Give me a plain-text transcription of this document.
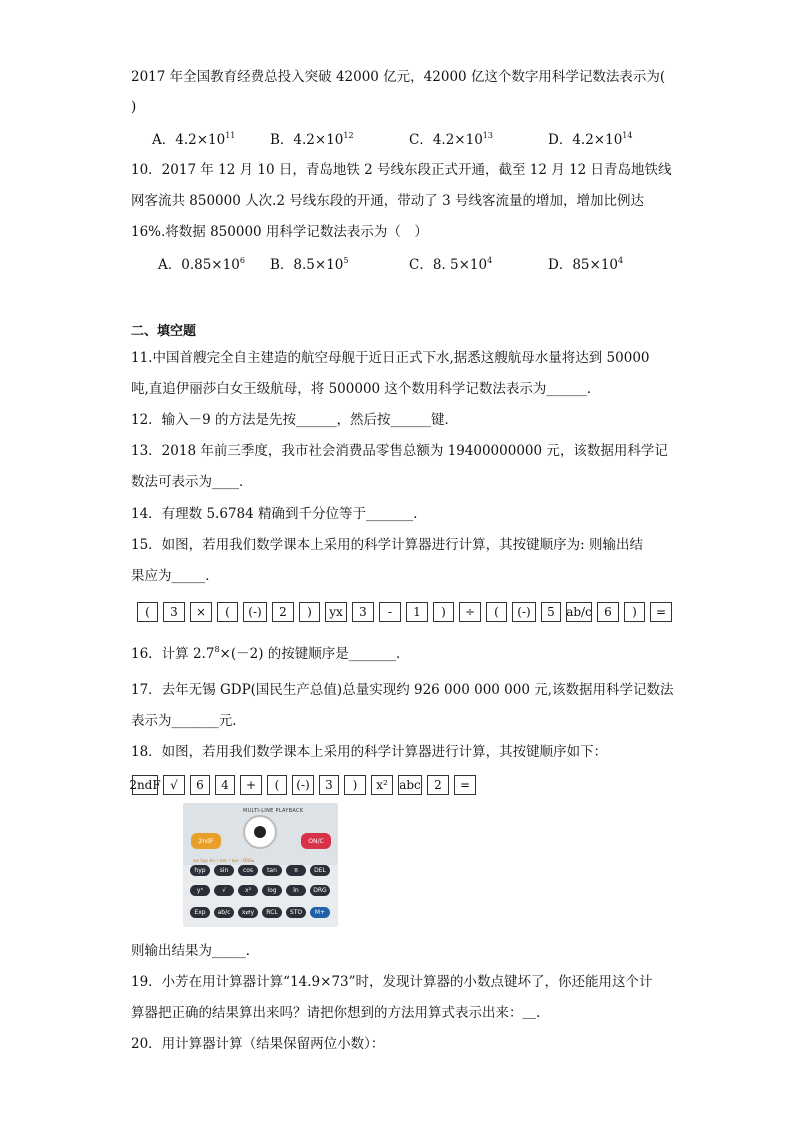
2017 年全国教育经费总投入突破 42000 亿元，42000 亿这个数字用科学记数法表示为(
)
A．$4.2\times 10^{11}$	B．$4.2\times 10^{12}$	C．$4.2\times 10^{13}$	D．$4.2\times 10^{14}$
10．2017 年 12 月 10 日，青岛地铁 2 号线东段正式开通，截至 12 月 12 日青岛地铁线
网客流共 850000 人次.2 号线东段的开通，带动了 3 号线客流量的增加，增加比例达
16%.将数据 850000 用科学记数法表示为（　）
A．$0.85\times 10^6$ B．$8.5\times 10^5$	C．8. $5\times 10^4$	D．$85\times 10^4$
二、填空题
11.中国首艘完全自主建造的航空母舰于近日正式下水,据悉这艘航母水量将达到 50000
吨,直追伊丽莎白女王级航母，将 500000 这个数用科学记数法表示为______．
12．输入－9 的方法是先按______，然后按______键．
13．2018 年前三季度，我市社会消费品零售总额为 19400000000 元，该数据用科学记
数法可表示为____．
14．有理数 5.6784 精确到千分位等于_______．
15．如图，若用我们数学课本上采用的科学计算器进行计算，其按键顺序为: 则输出结
果应为_____．
(	3	×	(	(-)	2	)	yx	3	-	1	)	÷	(	(-)	5 ab/c	6	)	=
16．计算 $2.7^8\times(-2)$ 的按键顺序是_______．
17．去年无锡 GDP(国民生产总值)总量实现约 926 000 000 000 元,该数据用科学记数法
表示为_______元．
18．如图，若用我们数学课本上采用的科学计算器进行计算，其按键顺序如下：
2ndF √	6	4	+	(	(-)	3	)	x² abc	2	=
MULTI-LINE PLAYBACK
2ndF	ON/C
arc hyp sin⁻¹ cos⁻¹ tan⁻¹ DRG▸
hyp	sin	cos	tan	π	DEL
yˣ	√	x²	log	ln	DRG
Exp	ab/c	x⇄y	RCL	STO	M+
则输出结果为_____．
19．小芳在用计算器计算“14.9×73”时，发现计算器的小数点键坏了，你还能用这个计
算器把正确的结果算出来吗？请把你想到的方法用算式表示出来：＿.
20．用计算器计算（结果保留两位小数）：
